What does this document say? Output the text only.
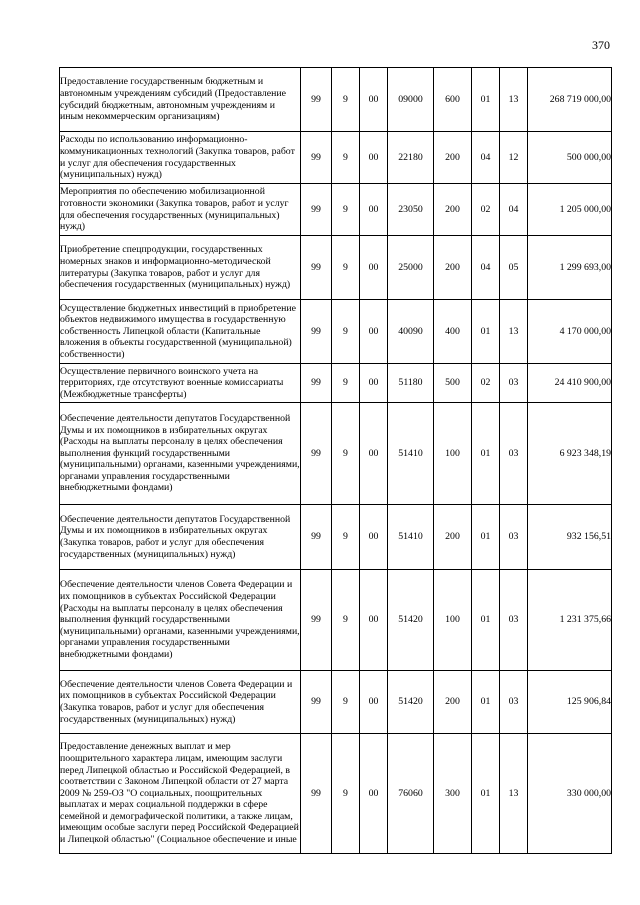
370
Предоставление государственным бюджетным и автономным учреждениям субсидий (Предоставление субсидий бюджетным, автономным учреждениям и иным некоммерческим организациям)	99	9	00	09000	600	01	13	268 719 000,00
Расходы по использованию информационно-коммуникационных технологий (Закупка товаров, работ и услуг для обеспечения государственных (муниципальных) нужд)	99	9	00	22180	200	04	12	500 000,00
Мероприятия по обеспечению мобилизационной готовности экономики (Закупка товаров, работ и услуг для обеспечения государственных (муниципальных) нужд)	99	9	00	23050	200	02	04	1 205 000,00
Приобретение спецпродукции, государственных номерных знаков и информационно-методической литературы (Закупка товаров, работ и услуг для обеспечения государственных (муниципальных) нужд)	99	9	00	25000	200	04	05	1 299 693,00
Осуществление бюджетных инвестиций в приобретение объектов недвижимого имущества в государственную собственность Липецкой области (Капитальные вложения в объекты государственной (муниципальной) собственности)	99	9	00	40090	400	01	13	4 170 000,00
Осуществление первичного воинского учета на территориях, где отсутствуют военные комиссариаты (Межбюджетные трансферты)	99	9	00	51180	500	02	03	24 410 900,00
Обеспечение деятельности депутатов Государственной Думы и их помощников в избирательных округах (Расходы на выплаты персоналу в целях обеспечения выполнения функций государственными (муниципальными) органами, казенными учреждениями, органами управления государственными внебюджетными фондами)	99	9	00	51410	100	01	03	6 923 348,19
Обеспечение деятельности депутатов Государственной Думы и их помощников в избирательных округах (Закупка товаров, работ и услуг для обеспечения государственных (муниципальных) нужд)	99	9	00	51410	200	01	03	932 156,51
Обеспечение деятельности членов Совета Федерации и их помощников в субъектах Российской Федерации (Расходы на выплаты персоналу в целях обеспечения выполнения функций государственными (муниципальными) органами, казенными учреждениями, органами управления государственными внебюджетными фондами)	99	9	00	51420	100	01	03	1 231 375,66
Обеспечение деятельности членов Совета Федерации и их помощников в субъектах Российской Федерации (Закупка товаров, работ и услуг для обеспечения государственных (муниципальных) нужд)	99	9	00	51420	200	01	03	125 906,84
Предоставление денежных выплат и мер поощрительного характера лицам, имеющим заслуги перед Липецкой областью и Российской Федерацией, в соответствии с Законом Липецкой области от 27 марта 2009 № 259-ОЗ "О социальных, поощрительных выплатах и мерах социальной поддержки в сфере семейной и демографической политики, а также лицам, имеющим особые заслуги перед Российской Федерацией и Липецкой областью" (Социальное обеспечение и иные	99	9	00	76060	300	01	13	330 000,00
